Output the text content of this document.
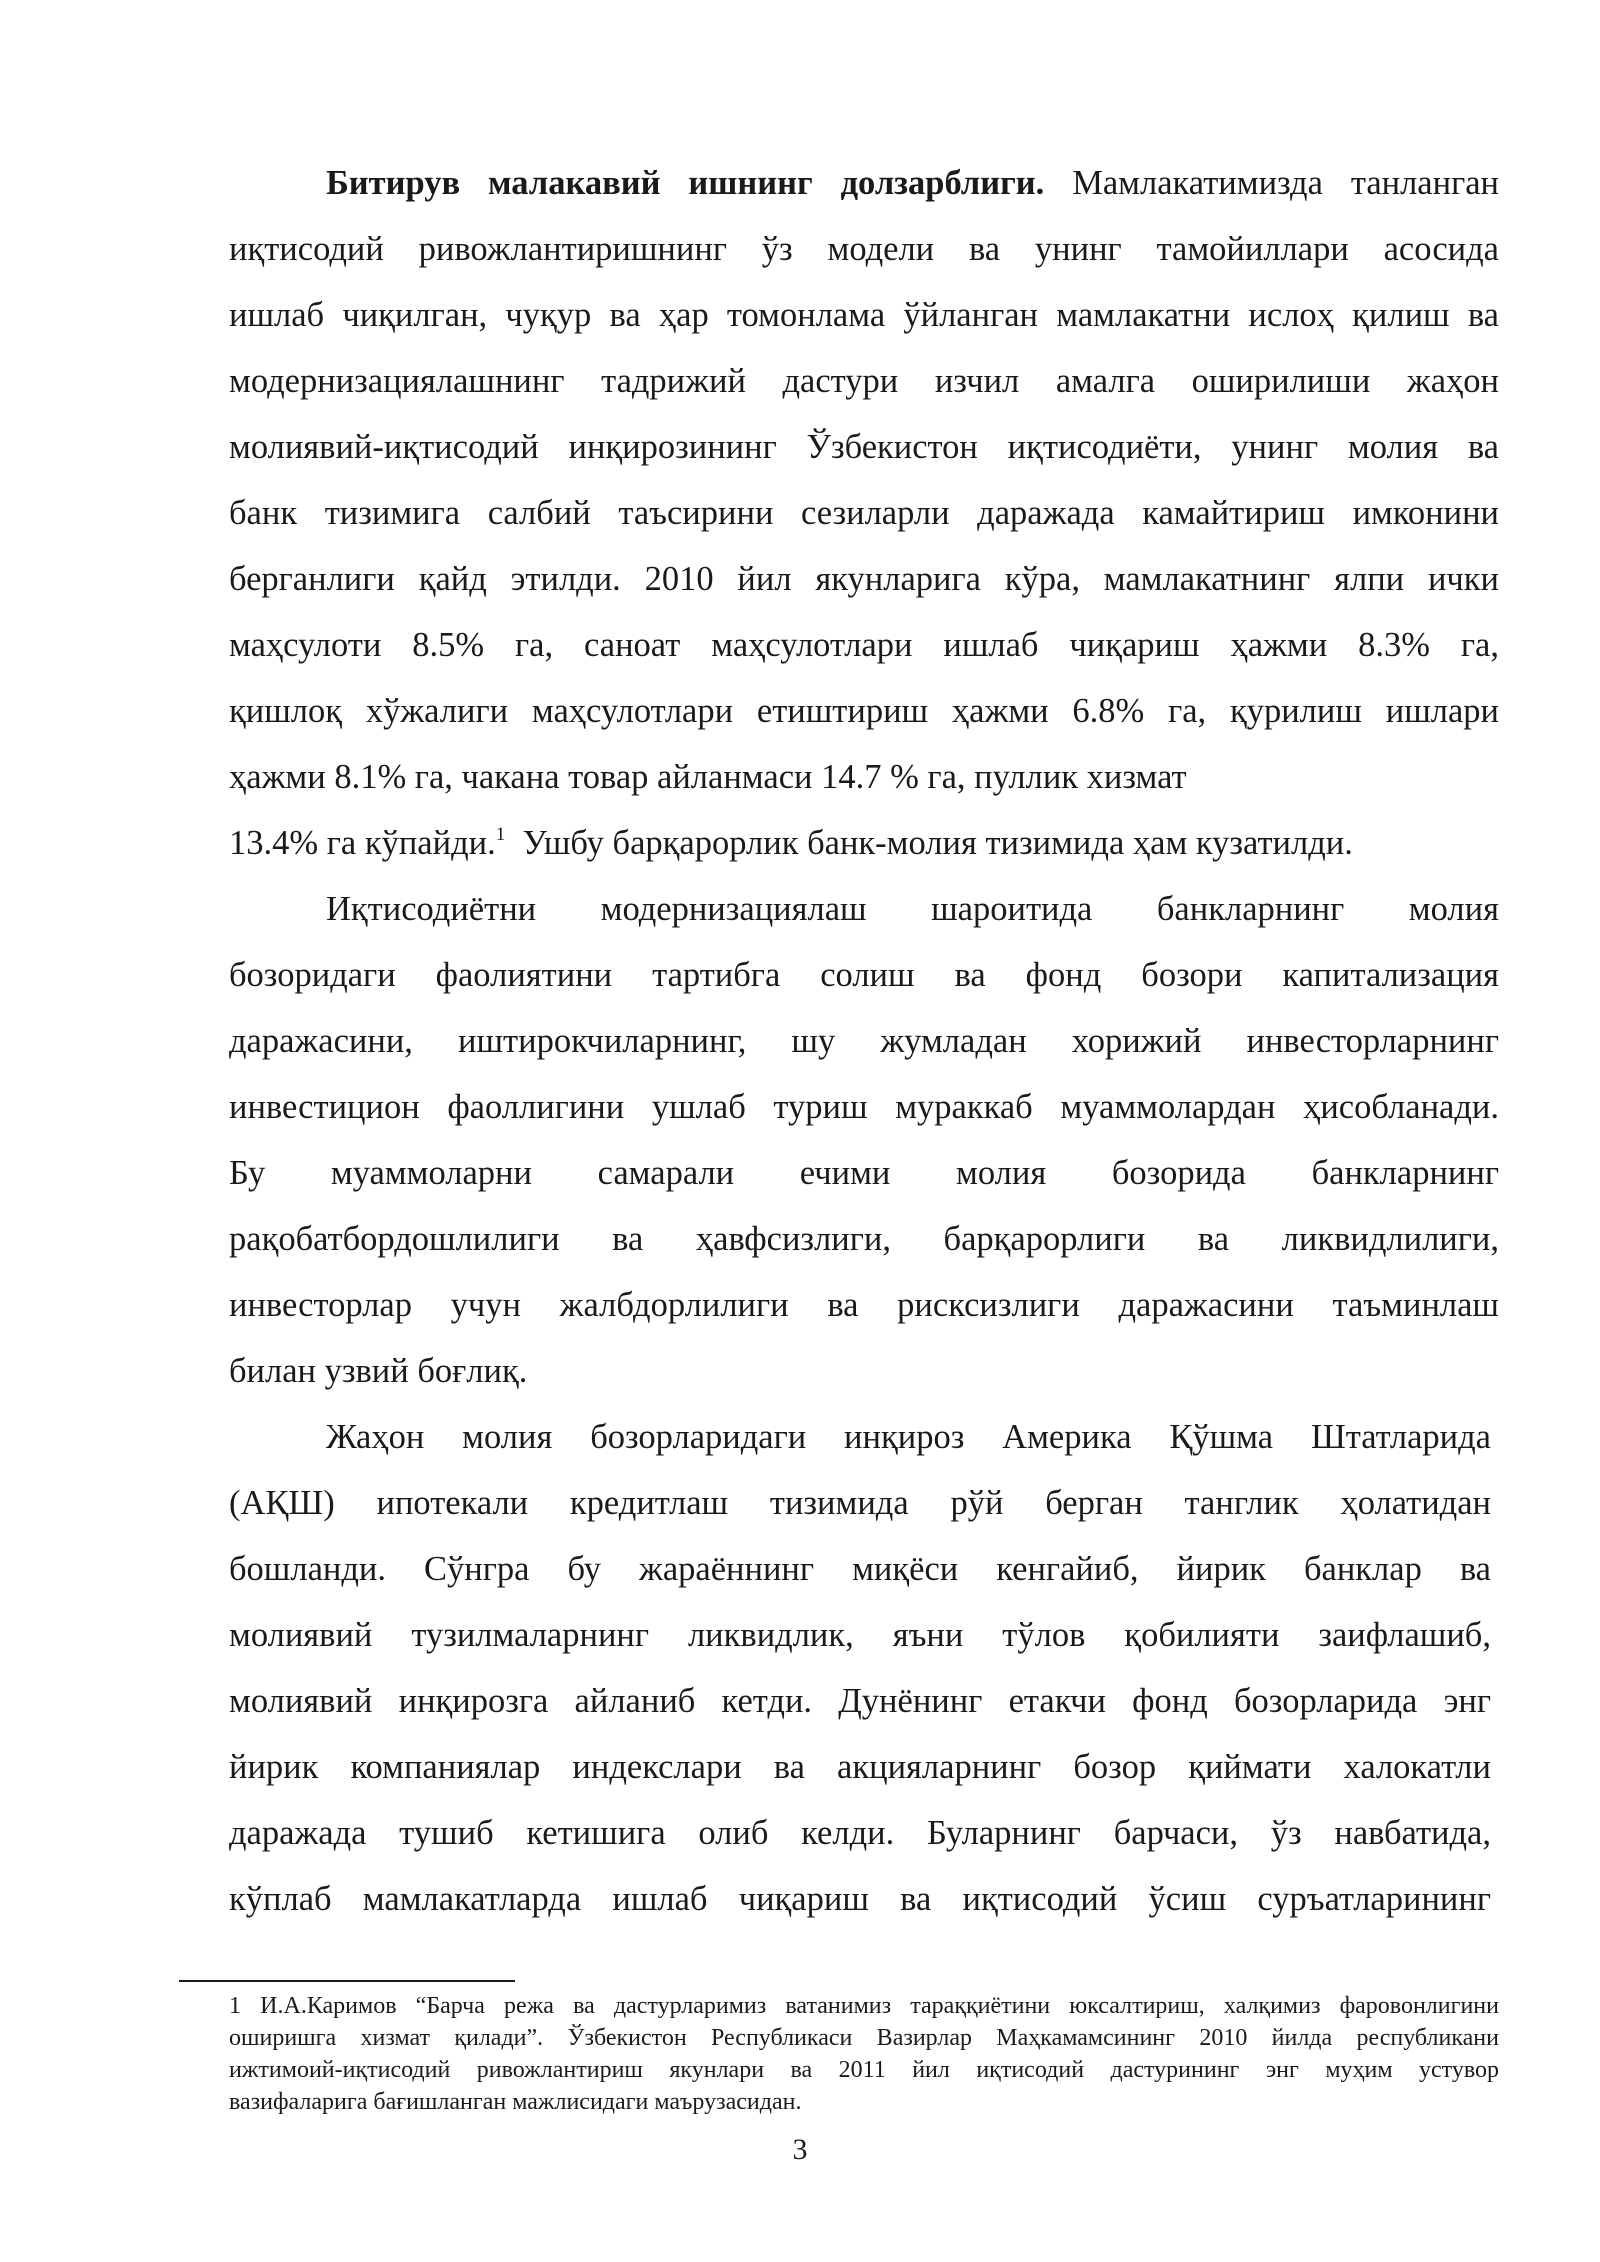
Битирув малакавий ишнинг долзарблиги. Мамлакатимизда танланган
иқтисодий ривожлантиришнинг ўз модели ва унинг тамойиллари асосида
ишлаб чиқилган, чуқур ва ҳар томонлама ўйланган мамлакатни ислоҳ қилиш ва
модернизациялашнинг тадрижий дастури изчил амалга оширилиши жаҳон
молиявий-иқтисодий инқирозининг Ўзбекистон иқтисодиёти, унинг молия ва
банк тизимига салбий таъсирини сезиларли даражада камайтириш имконини
берганлиги қайд этилди. 2010 йил якунларига кўра, мамлакатнинг ялпи ички
маҳсулоти 8.5% га, саноат маҳсулотлари ишлаб чиқариш ҳажми 8.3% га,
қишлоқ хўжалиги маҳсулотлари етиштириш ҳажми 6.8% га, қурилиш ишлари
ҳажми 8.1% га, чакана товар айланмаси 14.7 % га, пуллик хизмат
13.4% га кўпайди.$^1$  Ушбу барқарорлик банк-молия тизимида ҳам кузатилди.
Иқтисодиётни модернизациялаш шароитида банкларнинг молия
бозоридаги фаолиятини тартибга солиш ва фонд бозори капитализация
даражасини, иштирокчиларнинг, шу жумладан хорижий инвесторларнинг
инвестицион фаоллигини ушлаб туриш мураккаб муаммолардан ҳисобланади.
Бу муаммоларни самарали ечими молия бозорида банкларнинг
рақобатбордошлилиги ва ҳавфсизлиги, барқарорлиги ва ликвидлилиги,
инвесторлар учун жалбдорлилиги ва рисксизлиги даражасини таъминлаш
билан узвий боғлиқ.
Жаҳон молия бозорларидаги инқироз Америка Қўшма Штатларида
(АҚШ) ипотекали кредитлаш тизимида рўй берган танглик ҳолатидан
бошланди. Сўнгра бу жараённинг миқёси кенгайиб, йирик банклар ва
молиявий тузилмаларнинг ликвидлик, яъни тўлов қобилияти заифлашиб,
молиявий инқирозга айланиб кетди. Дунёнинг етакчи фонд бозорларида энг
йирик компаниялар индекслари ва акцияларнинг бозор қиймати халокатли
даражада тушиб кетишига олиб келди. Буларнинг барчаси, ўз навбатида,
кўплаб мамлакатларда ишлаб чиқариш ва иқтисодий ўсиш суръатларининг
1 И.А.Каримов “Барча режа ва дастурларимиз ватанимиз тараққиётини юксалтириш, халқимиз фаровонлигини
оширишга хизмат қилади”. Ўзбекистон Республикаси Вазирлар Маҳкамамсининг 2010 йилда республикани
ижтимоий-иқтисодий ривожлантириш якунлари ва 2011 йил иқтисодий дастурининг энг муҳим устувор
вазифаларига бағишланган мажлисидаги маърузасидан.
3
